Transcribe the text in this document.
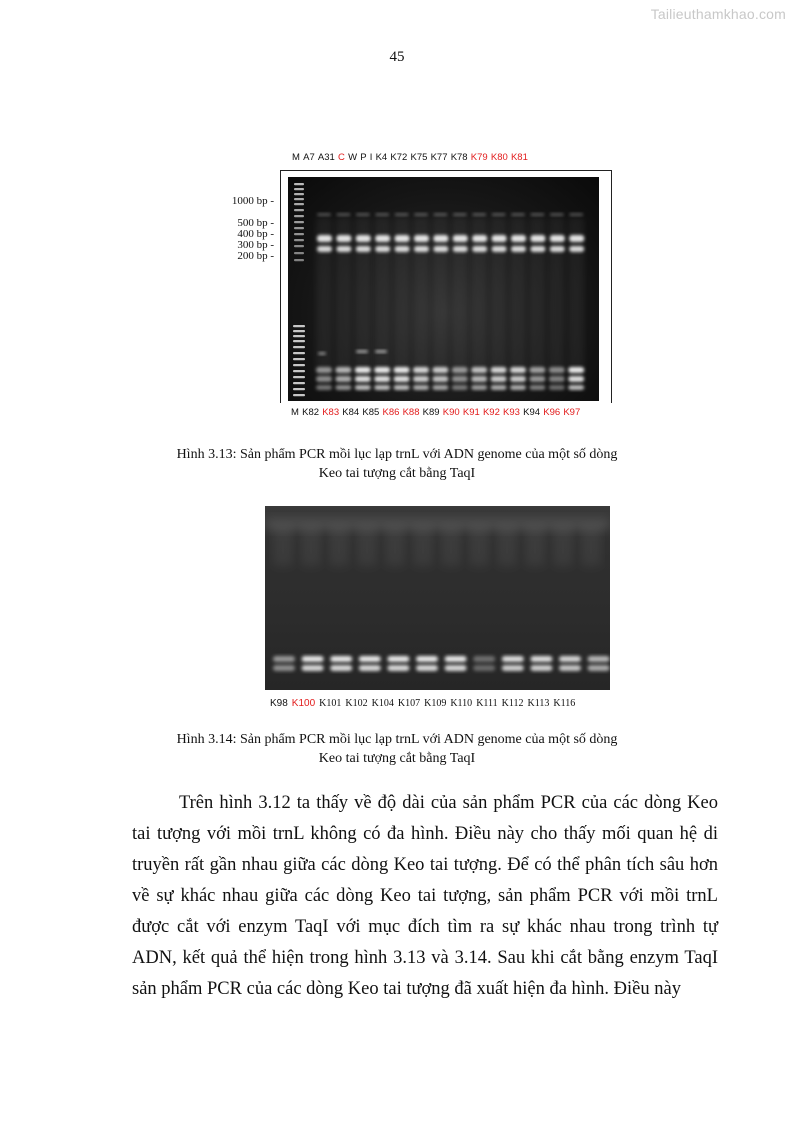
Tailieuthamkhao.com
45
M A7 A31 C W P I K4 K72 K75 K77 K78 K79 K80 K81
1000 bp -
500 bp -
400 bp -
300 bp -
200 bp -
M K82 K83 K84 K85 K86 K88 K89 K90 K91 K92 K93 K94 K96 K97
Hình 3.13: Sản phẩm PCR mồi lục lạp trnL với ADN genome của một số dòng
Keo tai tượng cắt bằng TaqI
K98 K100 K101 K102 K104 K107 K109 K110 K111 K112 K113 K116
Hình 3.14: Sản phẩm PCR mồi lục lạp trnL với ADN genome của một số dòng
Keo tai tượng cắt bằng TaqI

Trên hình 3.12 ta thấy về độ dài của sản phẩm PCR của các dòng Keo tai tượng với mồi trnL không có đa hình. Điều này cho thấy mối quan hệ di truyền rất gần nhau giữa các dòng Keo tai tượng. Để có thể phân tích sâu hơn về sự khác nhau giữa các dòng Keo tai tượng, sản phẩm PCR với mồi trnL được cắt với enzym TaqI với mục đích tìm ra sự khác nhau trong trình tự ADN, kết quả thể hiện trong hình 3.13 và 3.14. Sau khi cắt bằng enzym TaqI sản phẩm PCR của các dòng Keo tai tượng đã xuất hiện đa hình. Điều này
